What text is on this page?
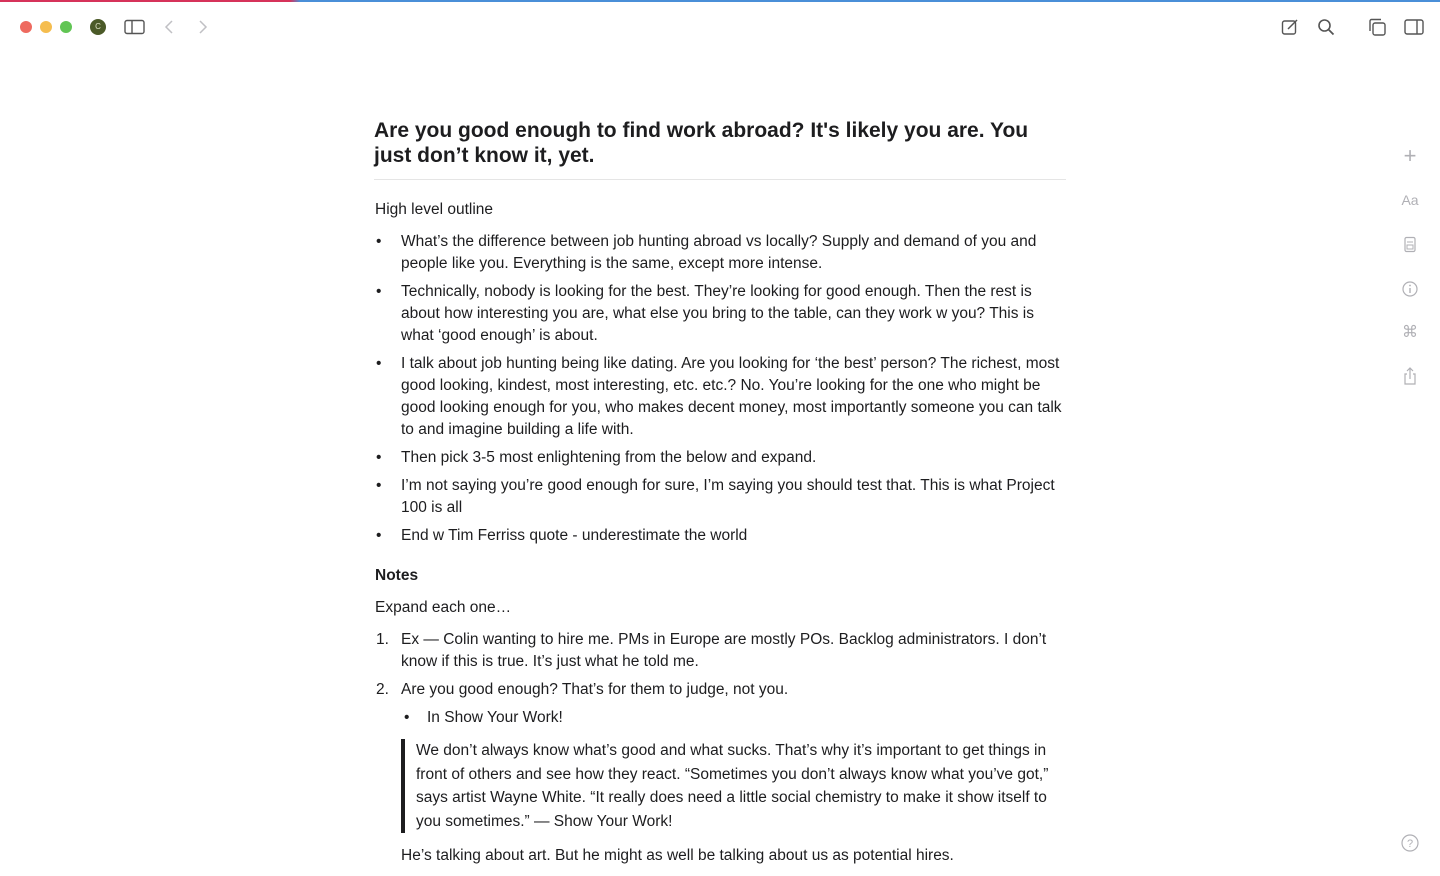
C
Are you good enough to find work abroad? It's likely you are. You just don’t know it, yet.

High level outline

• What’s the difference between job hunting abroad vs locally? Supply and demand of you and people like you. Everything is the same, except more intense.
• Technically, nobody is looking for the best. They’re looking for good enough. Then the rest is about how interesting you are, what else you bring to the table, can they work w you? This is what ‘good enough’ is about.
• I talk about job hunting being like dating. Are you looking for ‘the best’ person? The richest, most good looking, kindest, most interesting, etc. etc.? No. You’re looking for the one who might be good looking enough for you, who makes decent money, most importantly someone you can talk to and imagine building a life with.
• Then pick 3-5 most enlightening from the below and expand.
• I’m not saying you’re good enough for sure, I’m saying you should test that. This is what Project 100 is all
• End w Tim Ferriss quote - underestimate the world

Notes

Expand each one…

1. Ex — Colin wanting to hire me. PMs in Europe are mostly POs. Backlog administrators. I don’t know if this is true. It’s just what he told me.
2. Are you good enough? That’s for them to judge, not you.
• In Show Your Work!
We don’t always know what’s good and what sucks. That’s why it’s important to get things in front of others and see how they react. “Sometimes you don’t always know what you’ve got,” says artist Wayne White. “It really does need a little social chemistry to make it show itself to you sometimes.” — Show Your Work!

He’s talking about art. But he might as well be talking about us as potential hires.

+
Aa
⌘
?
